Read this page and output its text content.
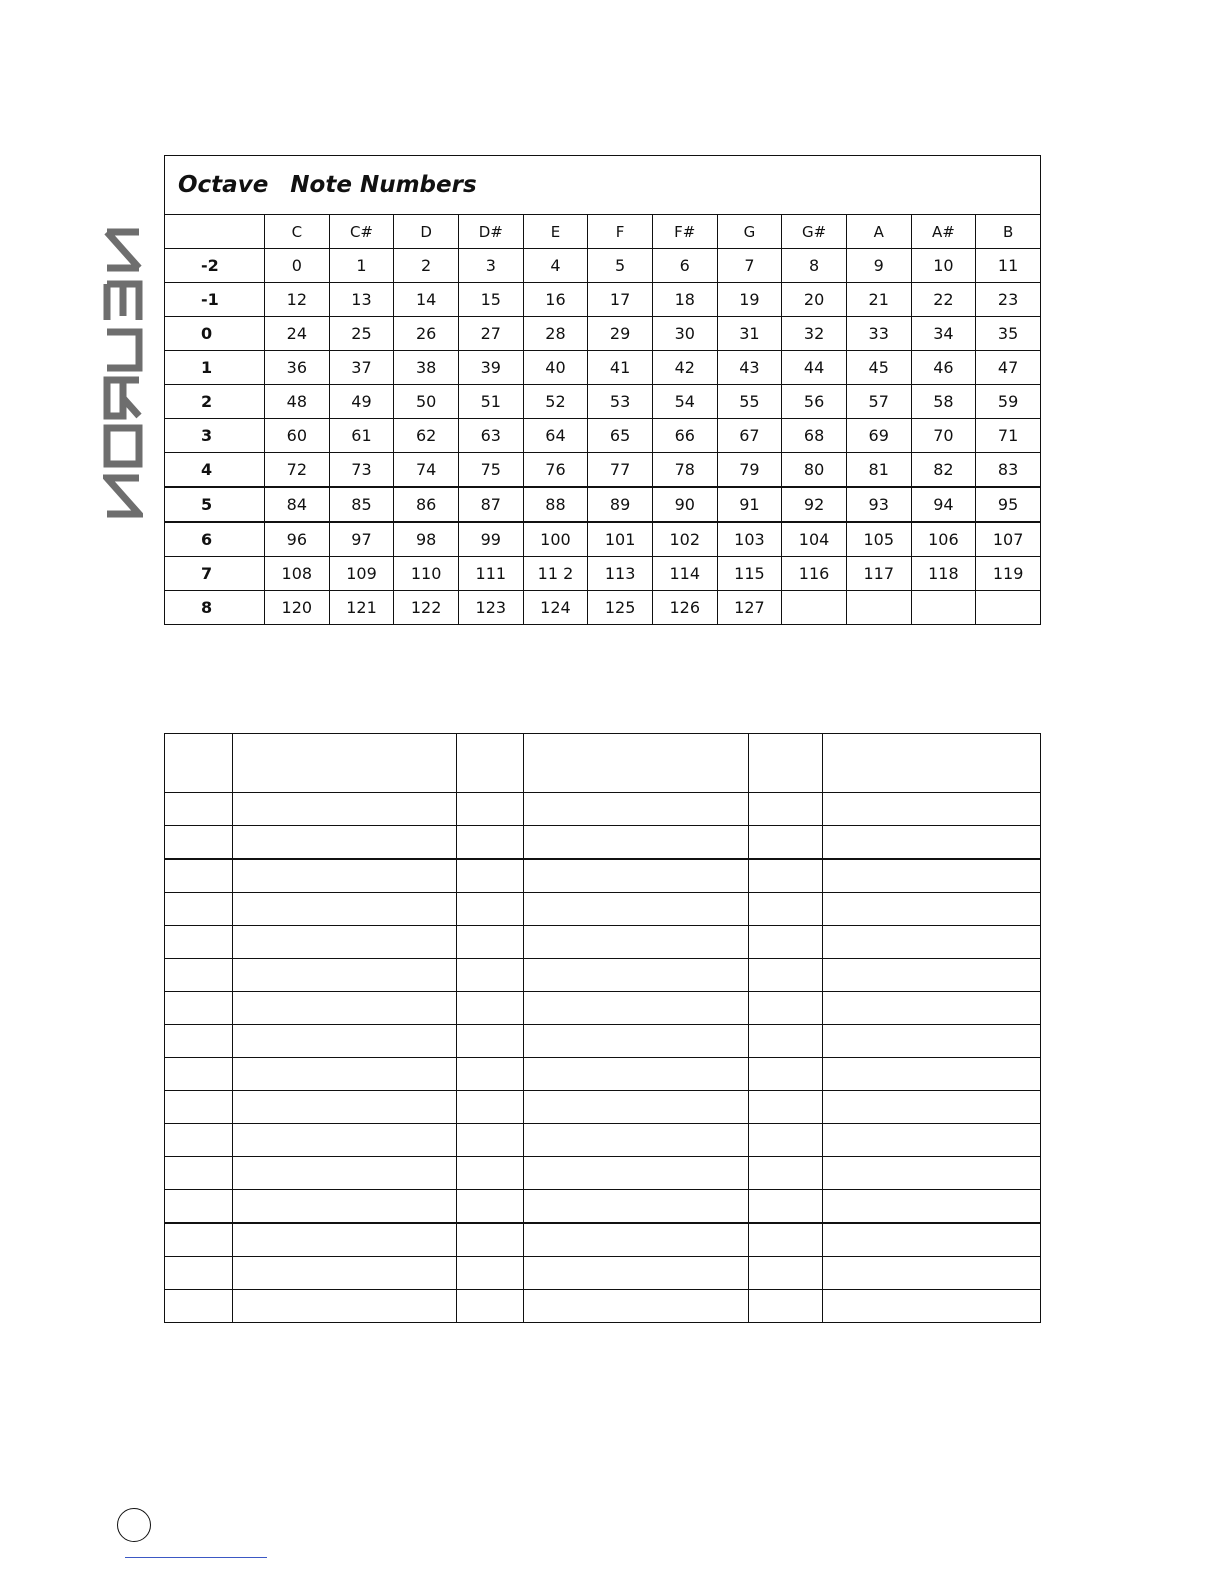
Octave Note Numbers												
	C	C#	D	D#	E	F	F#	G	G#	A	A#	B
-2	0	1	2	3	4	5	6	7	8	9	10	11
-1	12	13	14	15	16	17	18	19	20	21	22	23
0	24	25	26	27	28	29	30	31	32	33	34	35
1	36	37	38	39	40	41	42	43	44	45	46	47
2	48	49	50	51	52	53	54	55	56	57	58	59
3	60	61	62	63	64	65	66	67	68	69	70	71
4	72	73	74	75	76	77	78	79	80	81	82	83
5	84	85	86	87	88	89	90	91	92	93	94	95
6	96	97	98	99	100	101	102	103	104	105	106	107
7	108	109	110	111	11 2	113	114	115	116	117	118	119
8	120	121	122	123	124	125	126	127				
